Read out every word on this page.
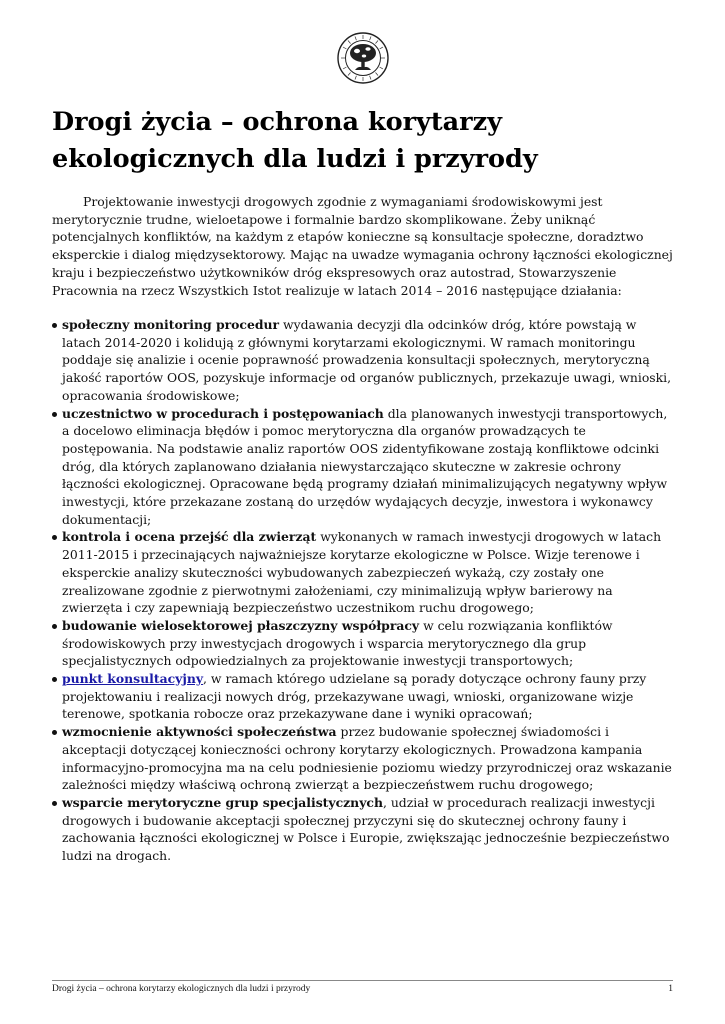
Drogi życia – ochrona korytarzy ekologicznych dla ludzi i przyrody

Projektowanie inwestycji drogowych zgodnie z wymaganiami środowiskowymi jest merytorycznie trudne, wieloetapowe i formalnie bardzo skomplikowane. Żeby uniknąć potencjalnych konfliktów, na każdym z etapów konieczne są konsultacje społeczne, doradztwo eksperckie i dialog międzysektorowy. Mając na uwadze wymagania ochrony łączności ekologicznej kraju i bezpieczeństwo użytkowników dróg ekspresowych oraz autostrad, Stowarzyszenie Pracownia na rzecz Wszystkich Istot realizuje w latach 2014 – 2016 następujące działania:

społeczny monitoring procedur wydawania decyzji dla odcinków dróg, które powstają w latach 2014-2020 i kolidują z głównymi korytarzami ekologicznymi. W ramach monitoringu poddaje się analizie i ocenie poprawność prowadzenia konsultacji społecznych, merytoryczną jakość raportów OOS, pozyskuje informacje od organów publicznych, przekazuje uwagi, wnioski, opracowania środowiskowe;
uczestnictwo w procedurach i postępowaniach dla planowanych inwestycji transportowych, a docelowo eliminacja błędów i pomoc merytoryczna dla organów prowadzących te postępowania. Na podstawie analiz raportów OOS zidentyfikowane zostają konfliktowe odcinki dróg, dla których zaplanowano działania niewystarczająco skuteczne w zakresie ochrony łączności ekologicznej. Opracowane będą programy działań minimalizujących negatywny wpływ inwestycji, które przekazane zostaną do urzędów wydających decyzje, inwestora i wykonawcy dokumentacji;
kontrola i ocena przejść dla zwierząt wykonanych w ramach inwestycji drogowych w latach 2011-2015 i przecinających najważniejsze korytarze ekologiczne w Polsce. Wizje terenowe i eksperckie analizy skuteczności wybudowanych zabezpieczeń wykażą, czy zostały one zrealizowane zgodnie z pierwotnymi założeniami, czy minimalizują wpływ barierowy na zwierzęta i czy zapewniają bezpieczeństwo uczestnikom ruchu drogowego;
budowanie wielosektorowej płaszczyzny współpracy w celu rozwiązania konfliktów środowiskowych przy inwestycjach drogowych i wsparcia merytorycznego dla grup specjalistycznych odpowiedzialnych za projektowanie inwestycji transportowych;
punkt konsultacyjny, w ramach którego udzielane są porady dotyczące ochrony fauny przy projektowaniu i realizacji nowych dróg, przekazywane uwagi, wnioski, organizowane wizje terenowe, spotkania robocze oraz przekazywane dane i wyniki opracowań;
wzmocnienie aktywności społeczeństwa przez budowanie społecznej świadomości i akceptacji dotyczącej konieczności ochrony korytarzy ekologicznych. Prowadzona kampania informacyjno-promocyjna ma na celu podniesienie poziomu wiedzy przyrodniczej oraz wskazanie zależności między właściwą ochroną zwierząt a bezpieczeństwem ruchu drogowego;
wsparcie merytoryczne grup specjalistycznych, udział w procedurach realizacji inwestycji drogowych i budowanie akceptacji społecznej przyczyni się do skutecznej ochrony fauny i zachowania łączności ekologicznej w Polsce i Europie, zwiększając jednocześnie bezpieczeństwo ludzi na drogach.
Drogi życia – ochrona korytarzy ekologicznych dla ludzi i przyrody	1
